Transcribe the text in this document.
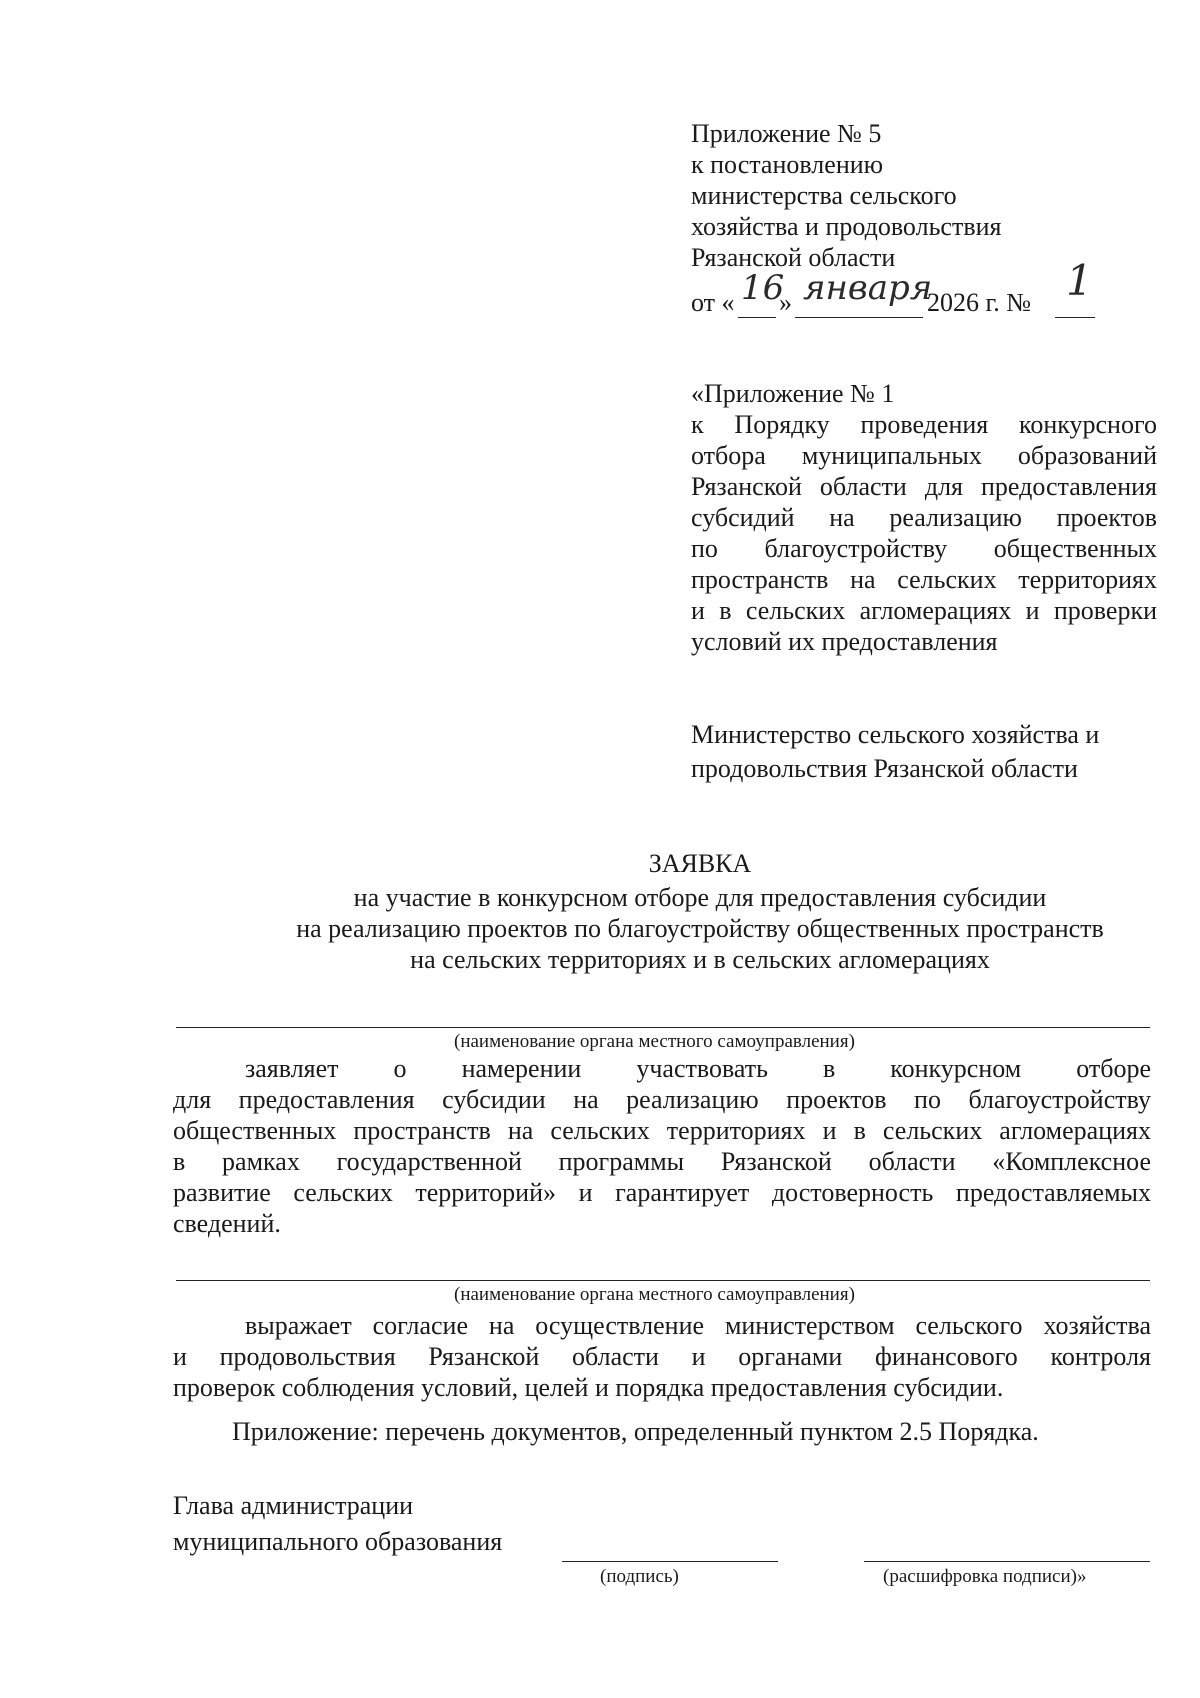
Приложение № 5
к постановлению
министерства сельского
хозяйства и продовольствия
Рязанской области
от « 16
» января
2026 г. № 1
«Приложение № 1
к Порядку проведения конкурсного
отбора муниципальных образований
Рязанской области для предоставления
субсидий на реализацию проектов
по благоустройству общественных
пространств на сельских территориях
и в сельских агломерациях и проверки
условий их предоставления
Министерство сельского хозяйства и
продовольствия Рязанской области
ЗАЯВКА
на участие в конкурсном отборе для предоставления субсидии
на реализацию проектов по благоустройству общественных пространств
на сельских территориях и в сельских агломерациях
(наименование органа местного самоуправления)
заявляет о намерении участвовать в конкурсном отборе
для предоставления субсидии на реализацию проектов по благоустройству
общественных пространств на сельских территориях и в сельских агломерациях
в рамках государственной программы Рязанской области «Комплексное
развитие сельских территорий» и гарантирует достоверность предоставляемых
сведений.
(наименование органа местного самоуправления)
выражает согласие на осуществление министерством сельского хозяйства
и продовольствия Рязанской области и органами финансового контроля
проверок соблюдения условий, целей и порядка предоставления субсидии.
Приложение: перечень документов, определенный пунктом 2.5 Порядка.
Глава администрации
муниципального образования
(подпись)	(расшифровка подписи)»
